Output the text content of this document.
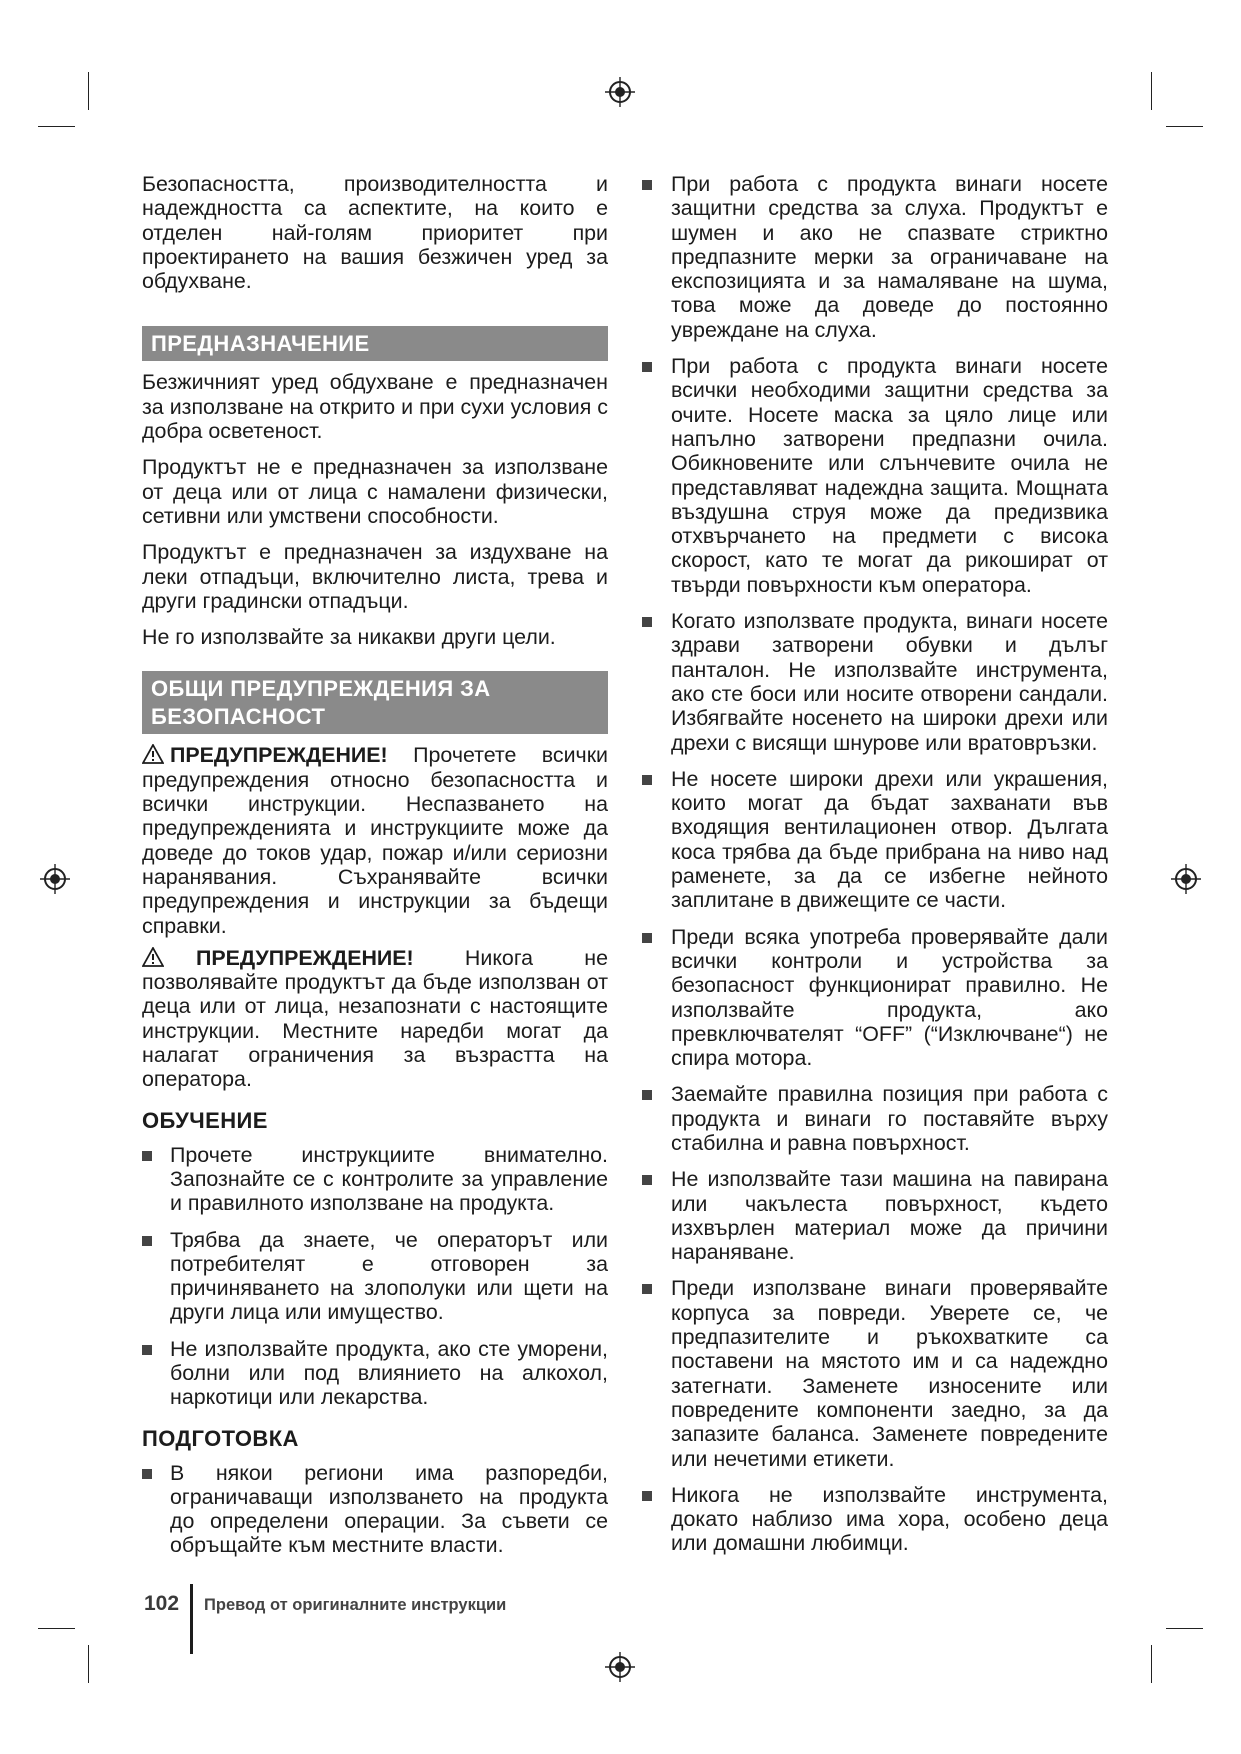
Безопасността, производителността и надеждността са аспектите, на които е отделен най-голям приоритет при проектирането на вашия безжичен уред за обдухване.

ПРЕДНАЗНАЧЕНИЕ

Безжичният уред обдухване е предназначен за използване на открито и при сухи условия с добра осветеност.

Продуктът не е предназначен за използване от деца или от лица с намалени физически, сетивни или умствени способности.

Продуктът е предназначен за издухване на леки отпадъци, включително листа, трева и други градински отпадъци.

Не го използвайте за никакви други цели.

ОБЩИ ПРЕДУПРЕЖДЕНИЯ ЗА
БЕЗОПАСНОСТ

ПРЕДУПРЕЖДЕНИЕ! Прочетете всички предупреждения относно безопасността и всички инструкции. Неспазването на предупрежденията и инструкциите може да доведе до токов удар, пожар и/или сериозни наранявания. Съхранявайте всички предупреждения и инструкции за бъдещи справки.

ПРЕДУПРЕЖДЕНИЕ! Никога не позволявайте продуктът да бъде използван от деца или от лица, незапознати с настоящите инструкции. Местните наредби могат да налагат ограничения за възрастта на оператора.

ОБУЧЕНИЕ
Прочете инструкциите внимателно. Запознайте се с контролите за управление и правилното използване на продукта.
Трябва да знаете, че операторът или потребителят е отговорен за причиняването на злополуки или щети на други лица или имущество.
Не използвайте продукта, ако сте уморени, болни или под влиянието на алкохол, наркотици или лекарства.
ПОДГОТОВКА
В някои региони има разпоредби, ограничаващи използването на продукта до определени операции. За съвети се обръщайте към местните власти.
При работа с продукта винаги носете защитни средства за слуха. Продуктът е шумен и ако не спазвате стриктно предпазните мерки за ограничаване на експозицията и за намаляване на шума, това може да доведе до постоянно увреждане на слуха.
При работа с продукта винаги носете всички необходими защитни средства за очите. Носете маска за цяло лице или напълно затворени предпазни очила. Обикновените или слънчевите очила не представляват надеждна защита. Мощната въздушна струя може да предизвика отхвърчането на предмети с висока скорост, като те могат да рикошират от твърди повърхности към оператора.
Когато използвате продукта, винаги носете здрави затворени обувки и дълъг панталон. Не използвайте инструмента, ако сте боси или носите отворени сандали. Избягвайте носенето на широки дрехи или дрехи с висящи шнурове или вратовръзки.
Не носете широки дрехи или украшения, които могат да бъдат захванати във входящия вентилационен отвор. Дългата коса трябва да бъде прибрана на ниво над раменете, за да се избегне нейното заплитане в движещите се части.
Преди всяка употреба проверявайте дали всички контроли и устройства за безопасност функционират правилно. Не използвайте продукта, ако превключвателят “OFF” (“Изключване“) не спира мотора.
Заемайте правилна позиция при работа с продукта и винаги го поставяйте върху стабилна и равна повърхност.
Не използвайте тази машина на павирана или чакълеста повърхност, където изхвърлен материал може да причини нараняване.
Преди използване винаги проверявайте корпуса за повреди. Уверете се, че предпазителите и ръкохватките са поставени на мястото им и са надеждно затегнати. Заменете износените или повредените компоненти заедно, за да запазите баланса. Заменете повредените или нечетими етикети.
Никога не използвайте инструмента, докато наблизо има хора, особено деца или домашни любимци.
102 Превод от оригиналните инструкции
